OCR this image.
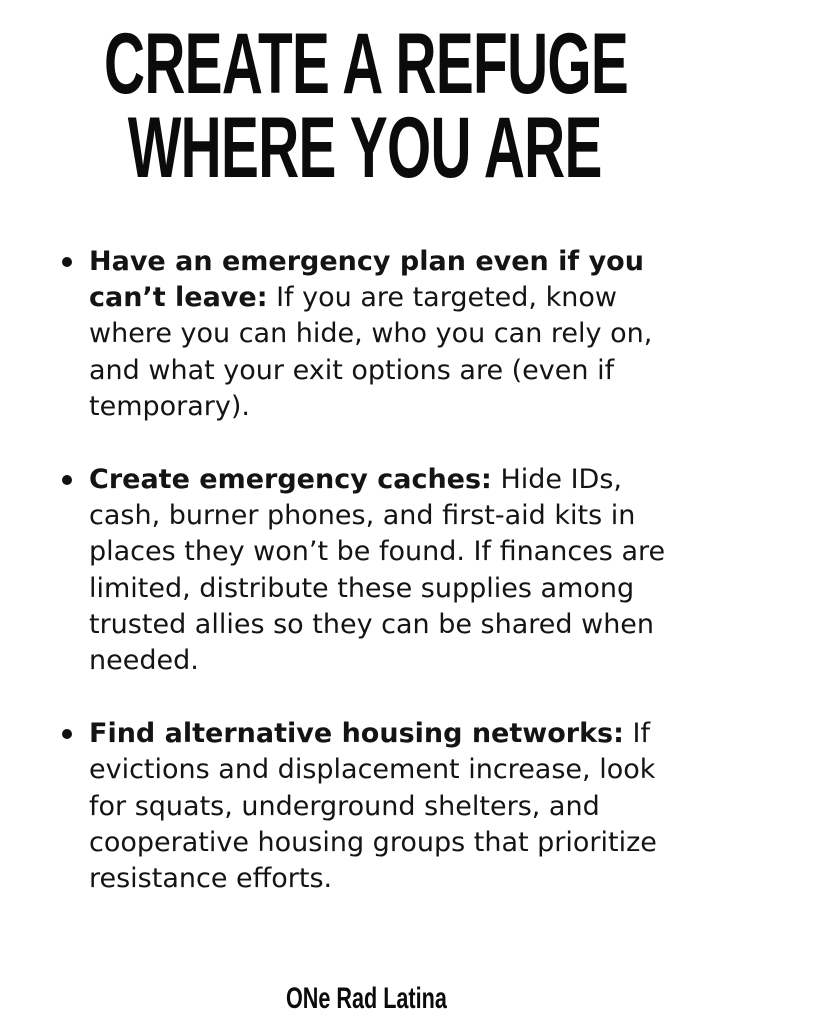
CREATE A REFUGE
WHERE YOU ARE
Have an emergency plan even if you can’t leave: If you are targeted, know where you can hide, who you can rely on, and what your exit options are (even if temporary).
Create emergency caches: Hide IDs, cash, burner phones, and first-aid kits in places they won’t be found. If finances are limited, distribute these supplies among trusted allies so they can be shared when needed.
Find alternative housing networks: If evictions and displacement increase, look for squats, underground shelters, and cooperative housing groups that prioritize resistance efforts.

ONe Rad Latina
